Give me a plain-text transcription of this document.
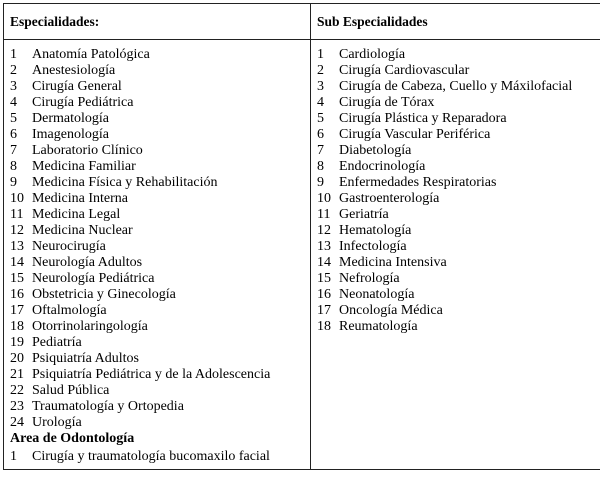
Especialidades:	Sub Especialidades
1 Anatomía Patológica	1 Cardiología
2 Anestesiología	2 Cirugía Cardiovascular
3 Cirugía General	3 Cirugía de Cabeza, Cuello y Máxilofacial
4 Cirugía Pediátrica	4 Cirugía de Tórax
5 Dermatología	5 Cirugía Plástica y Reparadora
6 Imagenología	6 Cirugía Vascular Periférica
7 Laboratorio Clínico	7 Diabetología
8 Medicina Familiar	8 Endocrinología
9 Medicina Física y Rehabilitación	9 Enfermedades Respiratorias
10 Medicina Interna	10 Gastroenterología
11 Medicina Legal	11 Geriatría
12 Medicina Nuclear	12 Hematología
13 Neurocirugía	13 Infectología
14 Neurología Adultos	14 Medicina Intensiva
15 Neurología Pediátrica	15 Nefrología
16 Obstetricia y Ginecología	16 Neonatología
17 Oftalmología	17 Oncología Médica
18 Otorrinolaringología	18 Reumatología
19 Pediatría	
20 Psiquiatría Adultos	
21 Psiquiatría Pediátrica y de la Adolescencia	
22 Salud Pública	
23 Traumatología y Ortopedia	
24 Urología	
Area de Odontología	
1 Cirugía y traumatología bucomaxilo facial	
